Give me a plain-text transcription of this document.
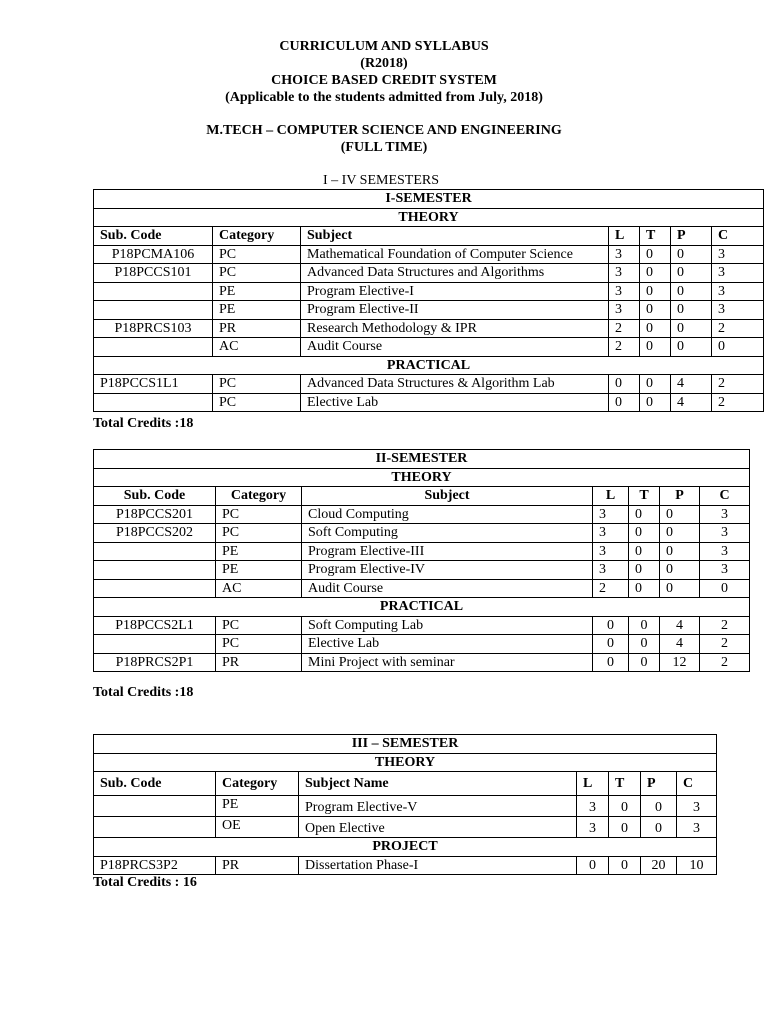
CURRICULUM AND SYLLABUS
(R2018)
CHOICE BASED CREDIT SYSTEM
(Applicable to the students admitted from July, 2018)
M.TECH – COMPUTER SCIENCE AND ENGINEERING
(FULL TIME)
I – IV SEMESTERS
I-SEMESTER						
THEORY						
Sub. Code	Category	Subject	L	T	P	C
P18PCMA106	PC	Mathematical Foundation of Computer Science	3	0	0	3
P18PCCS101	PC	Advanced Data Structures and Algorithms	3	0	0	3
	PE	Program Elective-I	3	0	0	3
	PE	Program Elective-II	3	0	0	3
P18PRCS103	PR	Research Methodology & IPR	2	0	0	2
	AC	Audit Course	2	0	0	0
PRACTICAL						
P18PCCS1L1	PC	Advanced Data Structures & Algorithm Lab	0	0	4	2
	PC	Elective Lab	0	0	4	2
Total Credits :18
II-SEMESTER						
THEORY						
Sub. Code	Category	Subject	L	T	P	C
P18PCCS201	PC	Cloud Computing	3	0	0	3
P18PCCS202	PC	Soft Computing	3	0	0	3
	PE	Program Elective-III	3	0	0	3
	PE	Program Elective-IV	3	0	0	3
	AC	Audit Course	2	0	0	0
PRACTICAL						
P18PCCS2L1	PC	Soft Computing Lab	0	0	4	2
	PC	Elective Lab	0	0	4	2
P18PRCS2P1	PR	Mini Project with seminar	0	0	12	2
Total Credits :18
III – SEMESTER						
THEORY						
Sub. Code	Category	Subject Name	L	T	P	C
	PE	Program Elective-V	3	0	0	3
	OE	Open Elective	3	0	0	3
PROJECT						
P18PRCS3P2	PR	Dissertation Phase-I	0	0	20	10
Total Credits : 16
